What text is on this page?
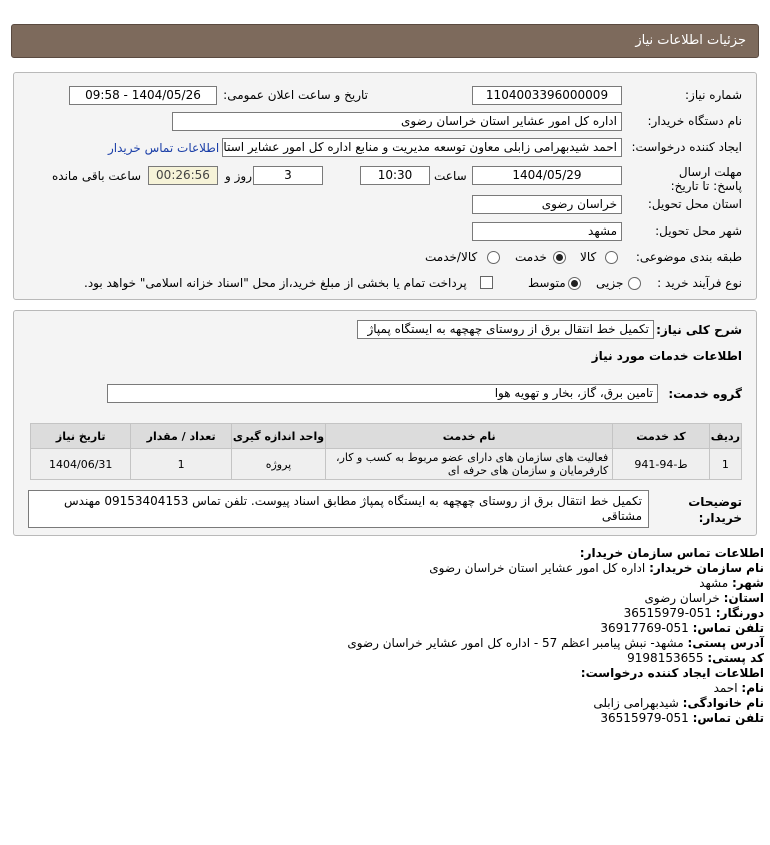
جزئیات اطلاعات نیاز
شماره نیاز:
1104003396000009
تاریخ و ساعت اعلان عمومی:
1404/05/26 - 09:58
نام دستگاه خریدار:
اداره کل امور عشایر استان خراسان رضوی
ایجاد کننده درخواست:
احمد شیدبهرامی زابلی معاون توسعه مدیریت و منابع اداره کل امور عشایر استا
اطلاعات تماس خریدار
مهلت ارسال پاسخ: تا تاریخ:
1404/05/29
ساعت
10:30
3
روز و
00:26:56
ساعت باقی مانده
استان محل تحویل:
خراسان رضوی
شهر محل تحویل:
مشهد
طبقه بندی موضوعی:
کالا
خدمت
کالا/خدمت
نوع فرآیند خرید :
جزیی
متوسط
پرداخت تمام یا بخشی از مبلغ خرید،از محل "اسناد خزانه اسلامی" خواهد بود.
شرح کلی نیاز:
تکمیل خط انتقال برق از روستای چهچهه به ایستگاه پمپاژ
اطلاعات خدمات مورد نیاز
گروه خدمت:
تامین برق، گاز، بخار و تهویه هوا
ردیف	کد خدمت	نام خدمت	واحد اندازه گیری	تعداد / مقدار	تاریخ نیاز
1	ط-94-941	فعالیت های سازمان های دارای عضو مربوط به کسب و کار، کارفرمایان و سازمان های حرفه ای	پروژه	1	1404/06/31
توضیحات خریدار:
تکمیل خط انتقال برق از روستای چهچهه به ایستگاه پمپاژ مطابق اسناد پیوست. تلفن تماس 09153404153 مهندس مشتاقی
اطلاعات تماس سازمان خریدار:
نام سازمان خریدار: اداره کل امور عشایر استان خراسان رضوی
شهر: مشهد
استان: خراسان رضوی
دورنگار: 051-36515979
تلفن تماس: 051-36917769
آدرس پستی: مشهد- نبش پیامبر اعظم 57 - اداره کل امور عشایر خراسان رضوی
کد پستی: 9198153655
اطلاعات ایجاد کننده درخواست:
نام: احمد
نام خانوادگی: شیدبهرامی زابلی
تلفن تماس: 051-36515979
